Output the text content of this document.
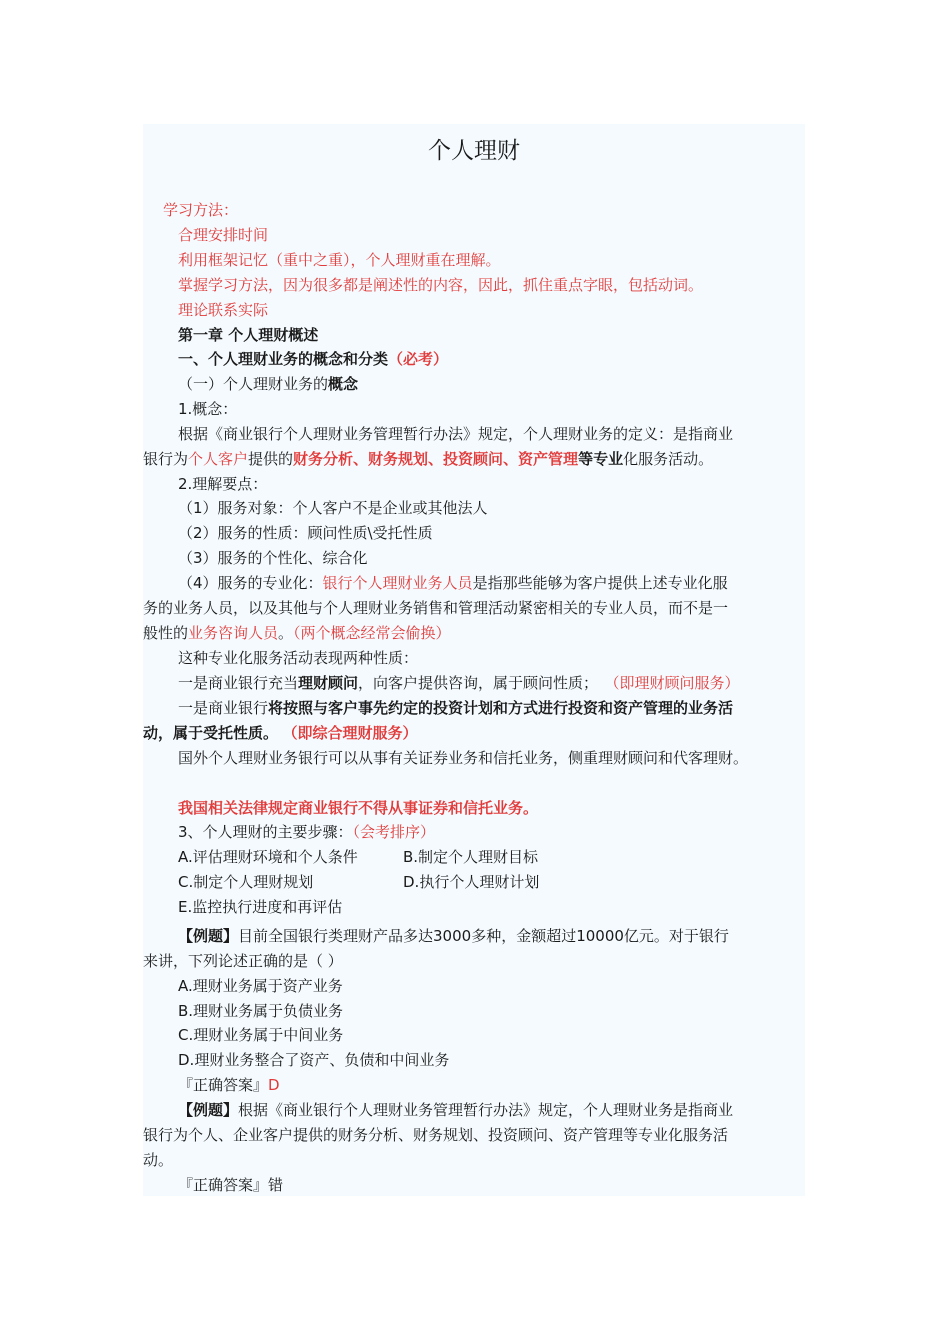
个人理财
学习方法：
合理安排时间
利用框架记忆（重中之重），个人理财重在理解。
掌握学习方法，因为很多都是阐述性的内容，因此，抓住重点字眼，包括动词。
理论联系实际
第一章 个人理财概述
一、个人理财业务的概念和分类（必考）
（一）个人理财业务的概念
1.概念：
根据《商业银行个人理财业务管理暂行办法》规定，个人理财业务的定义：是指商业
银行为个人客户提供的财务分析、财务规划、投资顾问、资产管理等专业化服务活动。
2.理解要点：
（1）服务对象：个人客户不是企业或其他法人
（2）服务的性质：顾问性质\受托性质
（3）服务的个性化、综合化
（4）服务的专业化：银行个人理财业务人员是指那些能够为客户提供上述专业化服
务的业务人员，以及其他与个人理财业务销售和管理活动紧密相关的专业人员，而不是一
般性的业务咨询人员。（两个概念经常会偷换）
这种专业化服务活动表现两种性质：
一是商业银行充当理财顾问，向客户提供咨询，属于顾问性质； （即理财顾问服务）
一是商业银行将按照与客户事先约定的投资计划和方式进行投资和资产管理的业务活
动，属于受托性质。 （即综合理财服务）
国外个人理财业务银行可以从事有关证券业务和信托业务，侧重理财顾问和代客理财。
我国相关法律规定商业银行不得从事证券和信托业务。
3、个人理财的主要步骤：（会考排序）
A.评估理财环境和个人条件	B.制定个人理财目标
C.制定个人理财规划	D.执行个人理财计划
E.监控执行进度和再评估
【例题】目前全国银行类理财产品多达3000多种，金额超过10000亿元。对于银行
来讲，下列论述正确的是（ ）
A.理财业务属于资产业务
B.理财业务属于负债业务
C.理财业务属于中间业务
D.理财业务整合了资产、负债和中间业务
『正确答案』D
【例题】根据《商业银行个人理财业务管理暂行办法》规定，个人理财业务是指商业
银行为个人、企业客户提供的财务分析、财务规划、投资顾问、资产管理等专业化服务活
动。
『正确答案』错
